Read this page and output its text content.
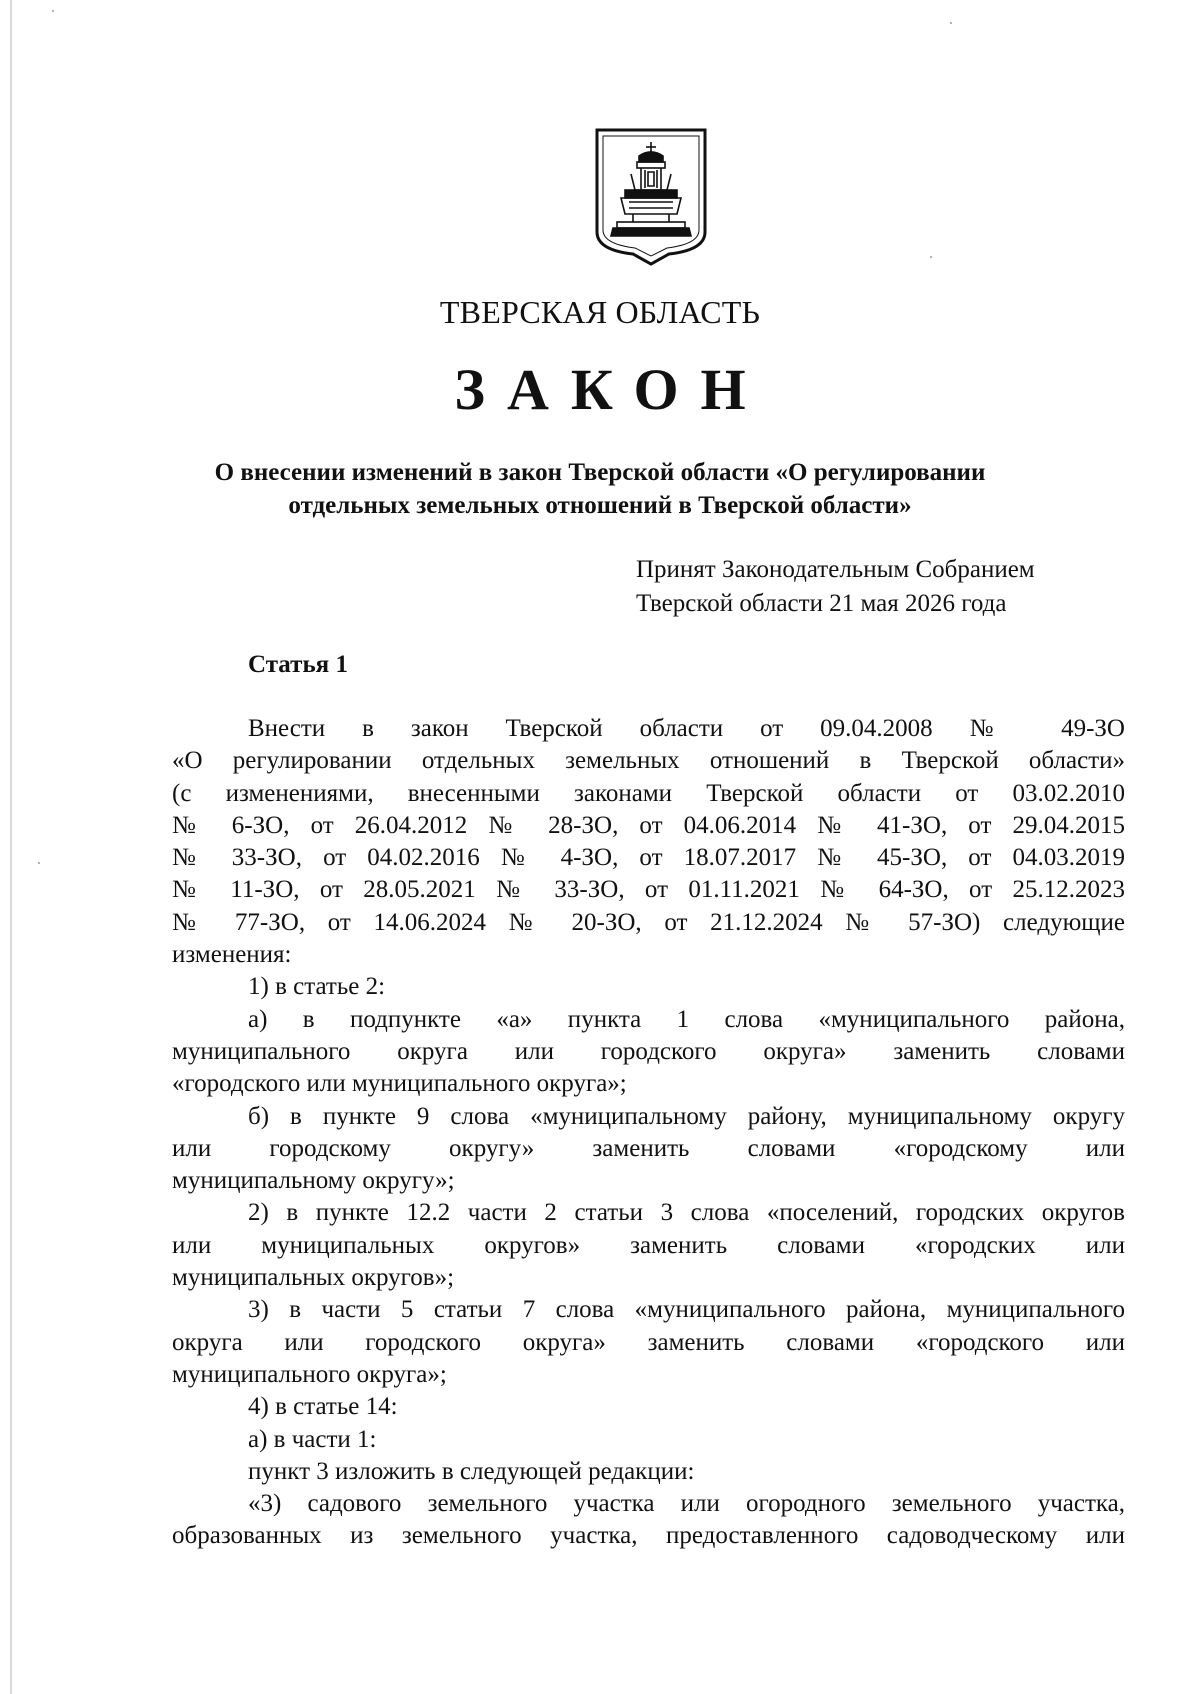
ТВЕРСКАЯ ОБЛАСТЬ
ЗАКОН
О внесении изменений в закон Тверской области «О регулировании
отдельных земельных отношений в Тверской области»
Принят Законодательным Собранием
Тверской области 21 мая 2026 года
Статья 1
Внести в закон Тверской области от 09.04.2008 № 49-ЗО
«О регулировании отдельных земельных отношений в Тверской области»
(с изменениями, внесенными законами Тверской области от 03.02.2010
№ 6-ЗО, от 26.04.2012 № 28-ЗО, от 04.06.2014 № 41-ЗО, от 29.04.2015
№ 33-ЗО, от 04.02.2016 № 4-ЗО, от 18.07.2017 № 45-ЗО, от 04.03.2019
№ 11-ЗО, от 28.05.2021 № 33-ЗО, от 01.11.2021 № 64-ЗО, от 25.12.2023
№ 77-ЗО, от 14.06.2024 № 20-ЗО, от 21.12.2024 № 57-ЗО) следующие
изменения:
1) в статье 2:
а) в подпункте «а» пункта 1 слова «муниципального района,
муниципального округа или городского округа» заменить словами
«городского или муниципального округа»;
б) в пункте 9 слова «муниципальному району, муниципальному округу
или городскому округу» заменить словами «городскому или
муниципальному округу»;
2) в пункте 12.2 части 2 статьи 3 слова «поселений, городских округов
или муниципальных округов» заменить словами «городских или
муниципальных округов»;
3) в части 5 статьи 7 слова «муниципального района, муниципального
округа или городского округа» заменить словами «городского или
муниципального округа»;
4) в статье 14:
а) в части 1:
пункт 3 изложить в следующей редакции:
«3) садового земельного участка или огородного земельного участка,
образованных из земельного участка, предоставленного садоводческому или
